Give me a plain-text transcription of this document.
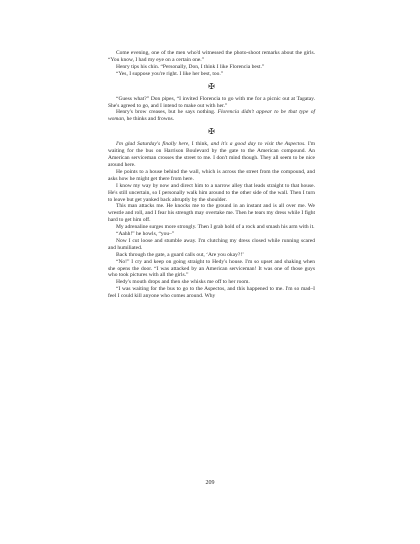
Come evening, one of the men who'd witnessed the photo-shoot remarks about the girls. “You know, I had my eye on a certain one.”

Henry tips his chin. “Personally, Don, I think I like Florencia best.”

“Yes, I suppose you're right. I like her best, too.”

✠

“Guess what?” Don pipes, “I invited Florencia to go with me for a picnic out at Tagatay. She's agreed to go, and I intend to make out with her.”

Henry's brow creases, but he says nothing. Florencia didn't appear to be that type of woman, he thinks and frowns.

✠

I'm glad Saturday's finally here, I think, and it's a good day to visit the Aspectos. I'm waiting for the bus on Harrison Boulevard by the gate to the American compound. An American serviceman crosses the street to me. I don't mind though. They all seem to be nice around here.

He points to a house behind the wall, which is across the street from the compound, and asks how he might get there from here.

I know my way by now and direct him to a narrow alley that leads straight to that house. He's still uncertain, so I personally walk him around to the other side of the wall. Then I turn to leave but get yanked back abruptly by the shoulder.

This man attacks me. He knocks me to the ground in an instant and is all over me. We wrestle and roll, and I fear his strength may overtake me. Then he tears my dress while I fight hard to get him off.

My adrenaline surges more strongly. Then I grab hold of a rock and smash his arm with it.

“Aahh!” he howls, “you–”

Now I cut loose and stumble away. I'm clutching my dress closed while running scared and humiliated.

Back through the gate, a guard calls out, ‘Are you okay?!’

“No!” I cry and keep on going straight to Hedy's house. I'm so upset and shaking when she opens the door. “I was attacked by an American serviceman! It was one of those guys who took pictures with all the girls.”

Hedy's mouth drops and then she whisks me off to her room.

“I was waiting for the bus to go to the Aspectos, and this happened to me. I'm so mad–I feel I could kill anyone who comes around. Why

209
